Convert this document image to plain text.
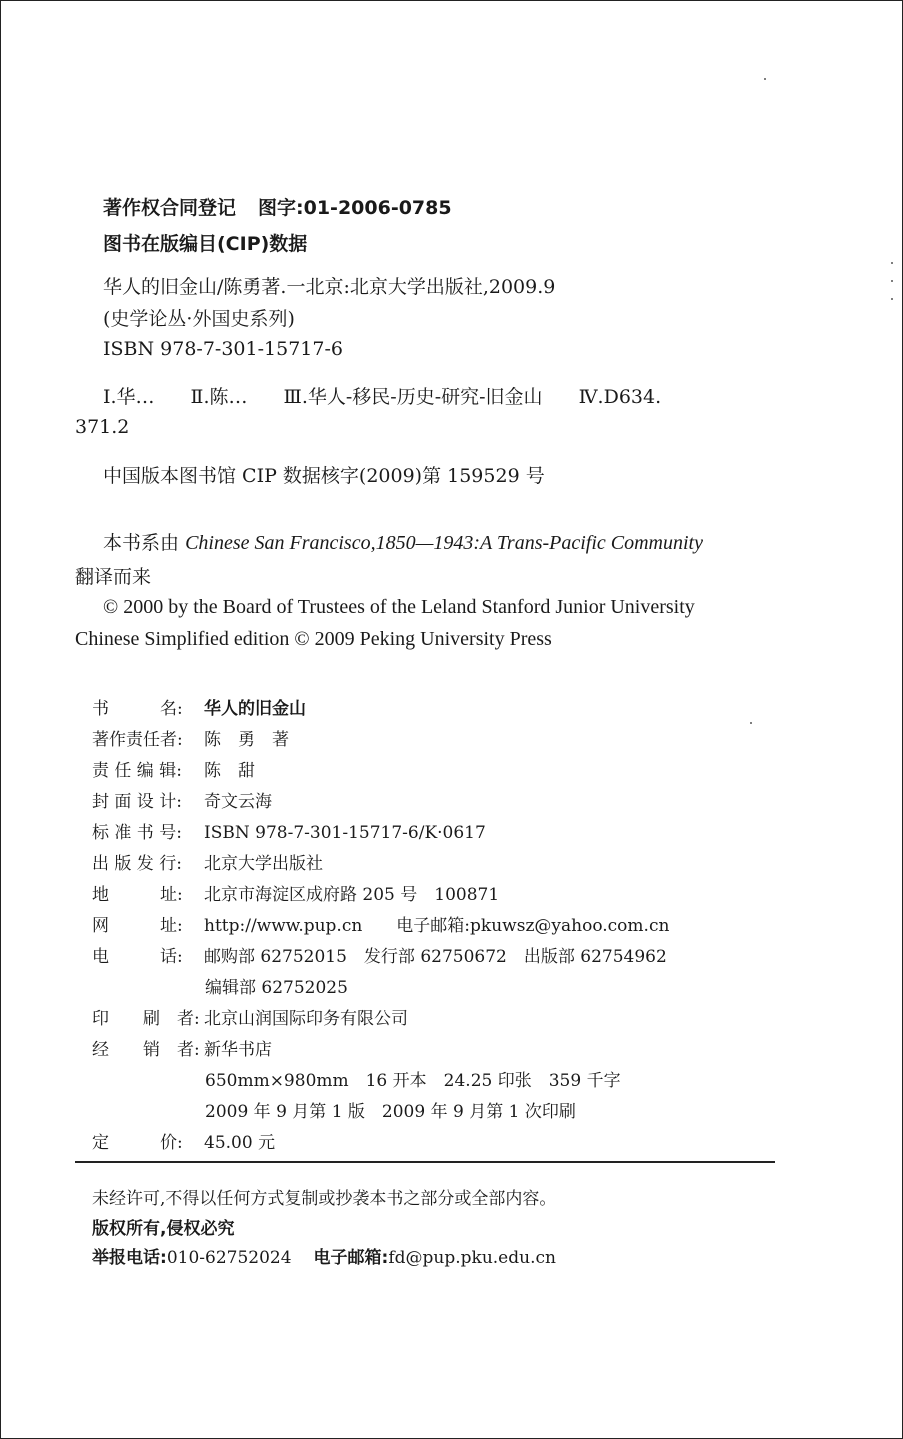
著作权合同登记 图字:01-2006-0785
图书在版编目(CIP)数据
华人的旧金山/陈勇著.一北京:北京大学出版社,2009.9
(史学论丛·外国史系列)
ISBN 978-7-301-15717-6
Ⅰ.华… Ⅱ.陈… Ⅲ.华人-移民-历史-研究-旧金山 Ⅳ.D634.
371.2
中国版本图书馆 CIP 数据核字(2009)第 159529 号
本书系由 Chinese San Francisco,1850—1943:A Trans-Pacific Community
翻译而来
© 2000 by the Board of Trustees of the Leland Stanford Junior University
Chinese Simplified edition © 2009 Peking University Press
书　　　名: 华人的旧金山
著作责任者: 陈　勇　著
责 任 编 辑: 陈　甜
封 面 设 计: 奇文云海
标 准 书 号: ISBN 978-7-301-15717-6/K·0617
出 版 发 行: 北京大学出版社
地　　　址: 北京市海淀区成府路 205 号　100871
网　　　址: http://www.pup.cn　　电子邮箱:pkuwsz@yahoo.com.cn
电　　　话: 邮购部 62752015　发行部 62750672　出版部 62754962
编辑部 62752025
印　　刷　者: 北京山润国际印务有限公司
经　　销　者: 新华书店
650mm×980mm　16 开本　24.25 印张　359 千字
2009 年 9 月第 1 版　2009 年 9 月第 1 次印刷
定　　　价: 45.00 元
未经许可,不得以任何方式复制或抄袭本书之部分或全部内容。
版权所有,侵权必究
举报电话:010-62752024 电子邮箱:fd@pup.pku.edu.cn
